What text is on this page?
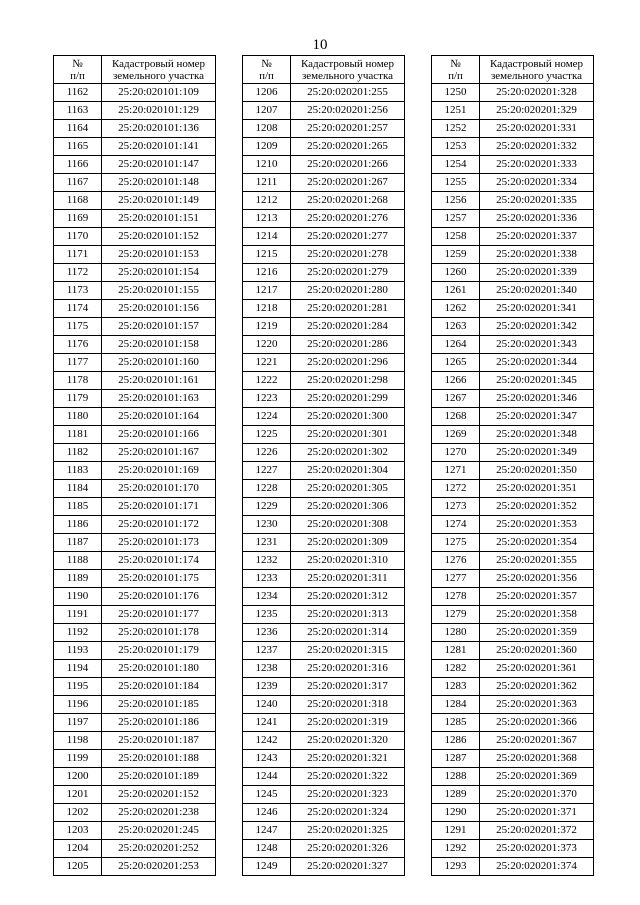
10
№
п/п	Кадастровый номер
земельного участка

1162	25:20:020101:109
1163	25:20:020101:129
1164	25:20:020101:136
1165	25:20:020101:141
1166	25:20:020101:147
1167	25:20:020101:148
1168	25:20:020101:149
1169	25:20:020101:151
1170	25:20:020101:152
1171	25:20:020101:153
1172	25:20:020101:154
1173	25:20:020101:155
1174	25:20:020101:156
1175	25:20:020101:157
1176	25:20:020101:158
1177	25:20:020101:160
1178	25:20:020101:161
1179	25:20:020101:163
1180	25:20:020101:164
1181	25:20:020101:166
1182	25:20:020101:167
1183	25:20:020101:169
1184	25:20:020101:170
1185	25:20:020101:171
1186	25:20:020101:172
1187	25:20:020101:173
1188	25:20:020101:174
1189	25:20:020101:175
1190	25:20:020101:176
1191	25:20:020101:177
1192	25:20:020101:178
1193	25:20:020101:179
1194	25:20:020101:180
1195	25:20:020101:184
1196	25:20:020101:185
1197	25:20:020101:186
1198	25:20:020101:187
1199	25:20:020101:188
1200	25:20:020101:189
1201	25:20:020201:152
1202	25:20:020201:238
1203	25:20:020201:245
1204	25:20:020201:252
1205	25:20:020201:253
№
п/п	Кадастровый номер
земельного участка

1206	25:20:020201:255
1207	25:20:020201:256
1208	25:20:020201:257
1209	25:20:020201:265
1210	25:20:020201:266
1211	25:20:020201:267
1212	25:20:020201:268
1213	25:20:020201:276
1214	25:20:020201:277
1215	25:20:020201:278
1216	25:20:020201:279
1217	25:20:020201:280
1218	25:20:020201:281
1219	25:20:020201:284
1220	25:20:020201:286
1221	25:20:020201:296
1222	25:20:020201:298
1223	25:20:020201:299
1224	25:20:020201:300
1225	25:20:020201:301
1226	25:20:020201:302
1227	25:20:020201:304
1228	25:20:020201:305
1229	25:20:020201:306
1230	25:20:020201:308
1231	25:20:020201:309
1232	25:20:020201:310
1233	25:20:020201:311
1234	25:20:020201:312
1235	25:20:020201:313
1236	25:20:020201:314
1237	25:20:020201:315
1238	25:20:020201:316
1239	25:20:020201:317
1240	25:20:020201:318
1241	25:20:020201:319
1242	25:20:020201:320
1243	25:20:020201:321
1244	25:20:020201:322
1245	25:20:020201:323
1246	25:20:020201:324
1247	25:20:020201:325
1248	25:20:020201:326
1249	25:20:020201:327
№
п/п	Кадастровый номер
земельного участка

1250	25:20:020201:328
1251	25:20:020201:329
1252	25:20:020201:331
1253	25:20:020201:332
1254	25:20:020201:333
1255	25:20:020201:334
1256	25:20:020201:335
1257	25:20:020201:336
1258	25:20:020201:337
1259	25:20:020201:338
1260	25:20:020201:339
1261	25:20:020201:340
1262	25:20:020201:341
1263	25:20:020201:342
1264	25:20:020201:343
1265	25:20:020201:344
1266	25:20:020201:345
1267	25:20:020201:346
1268	25:20:020201:347
1269	25:20:020201:348
1270	25:20:020201:349
1271	25:20:020201:350
1272	25:20:020201:351
1273	25:20:020201:352
1274	25:20:020201:353
1275	25:20:020201:354
1276	25:20:020201:355
1277	25:20:020201:356
1278	25:20:020201:357
1279	25:20:020201:358
1280	25:20:020201:359
1281	25:20:020201:360
1282	25:20:020201:361
1283	25:20:020201:362
1284	25:20:020201:363
1285	25:20:020201:366
1286	25:20:020201:367
1287	25:20:020201:368
1288	25:20:020201:369
1289	25:20:020201:370
1290	25:20:020201:371
1291	25:20:020201:372
1292	25:20:020201:373
1293	25:20:020201:374
